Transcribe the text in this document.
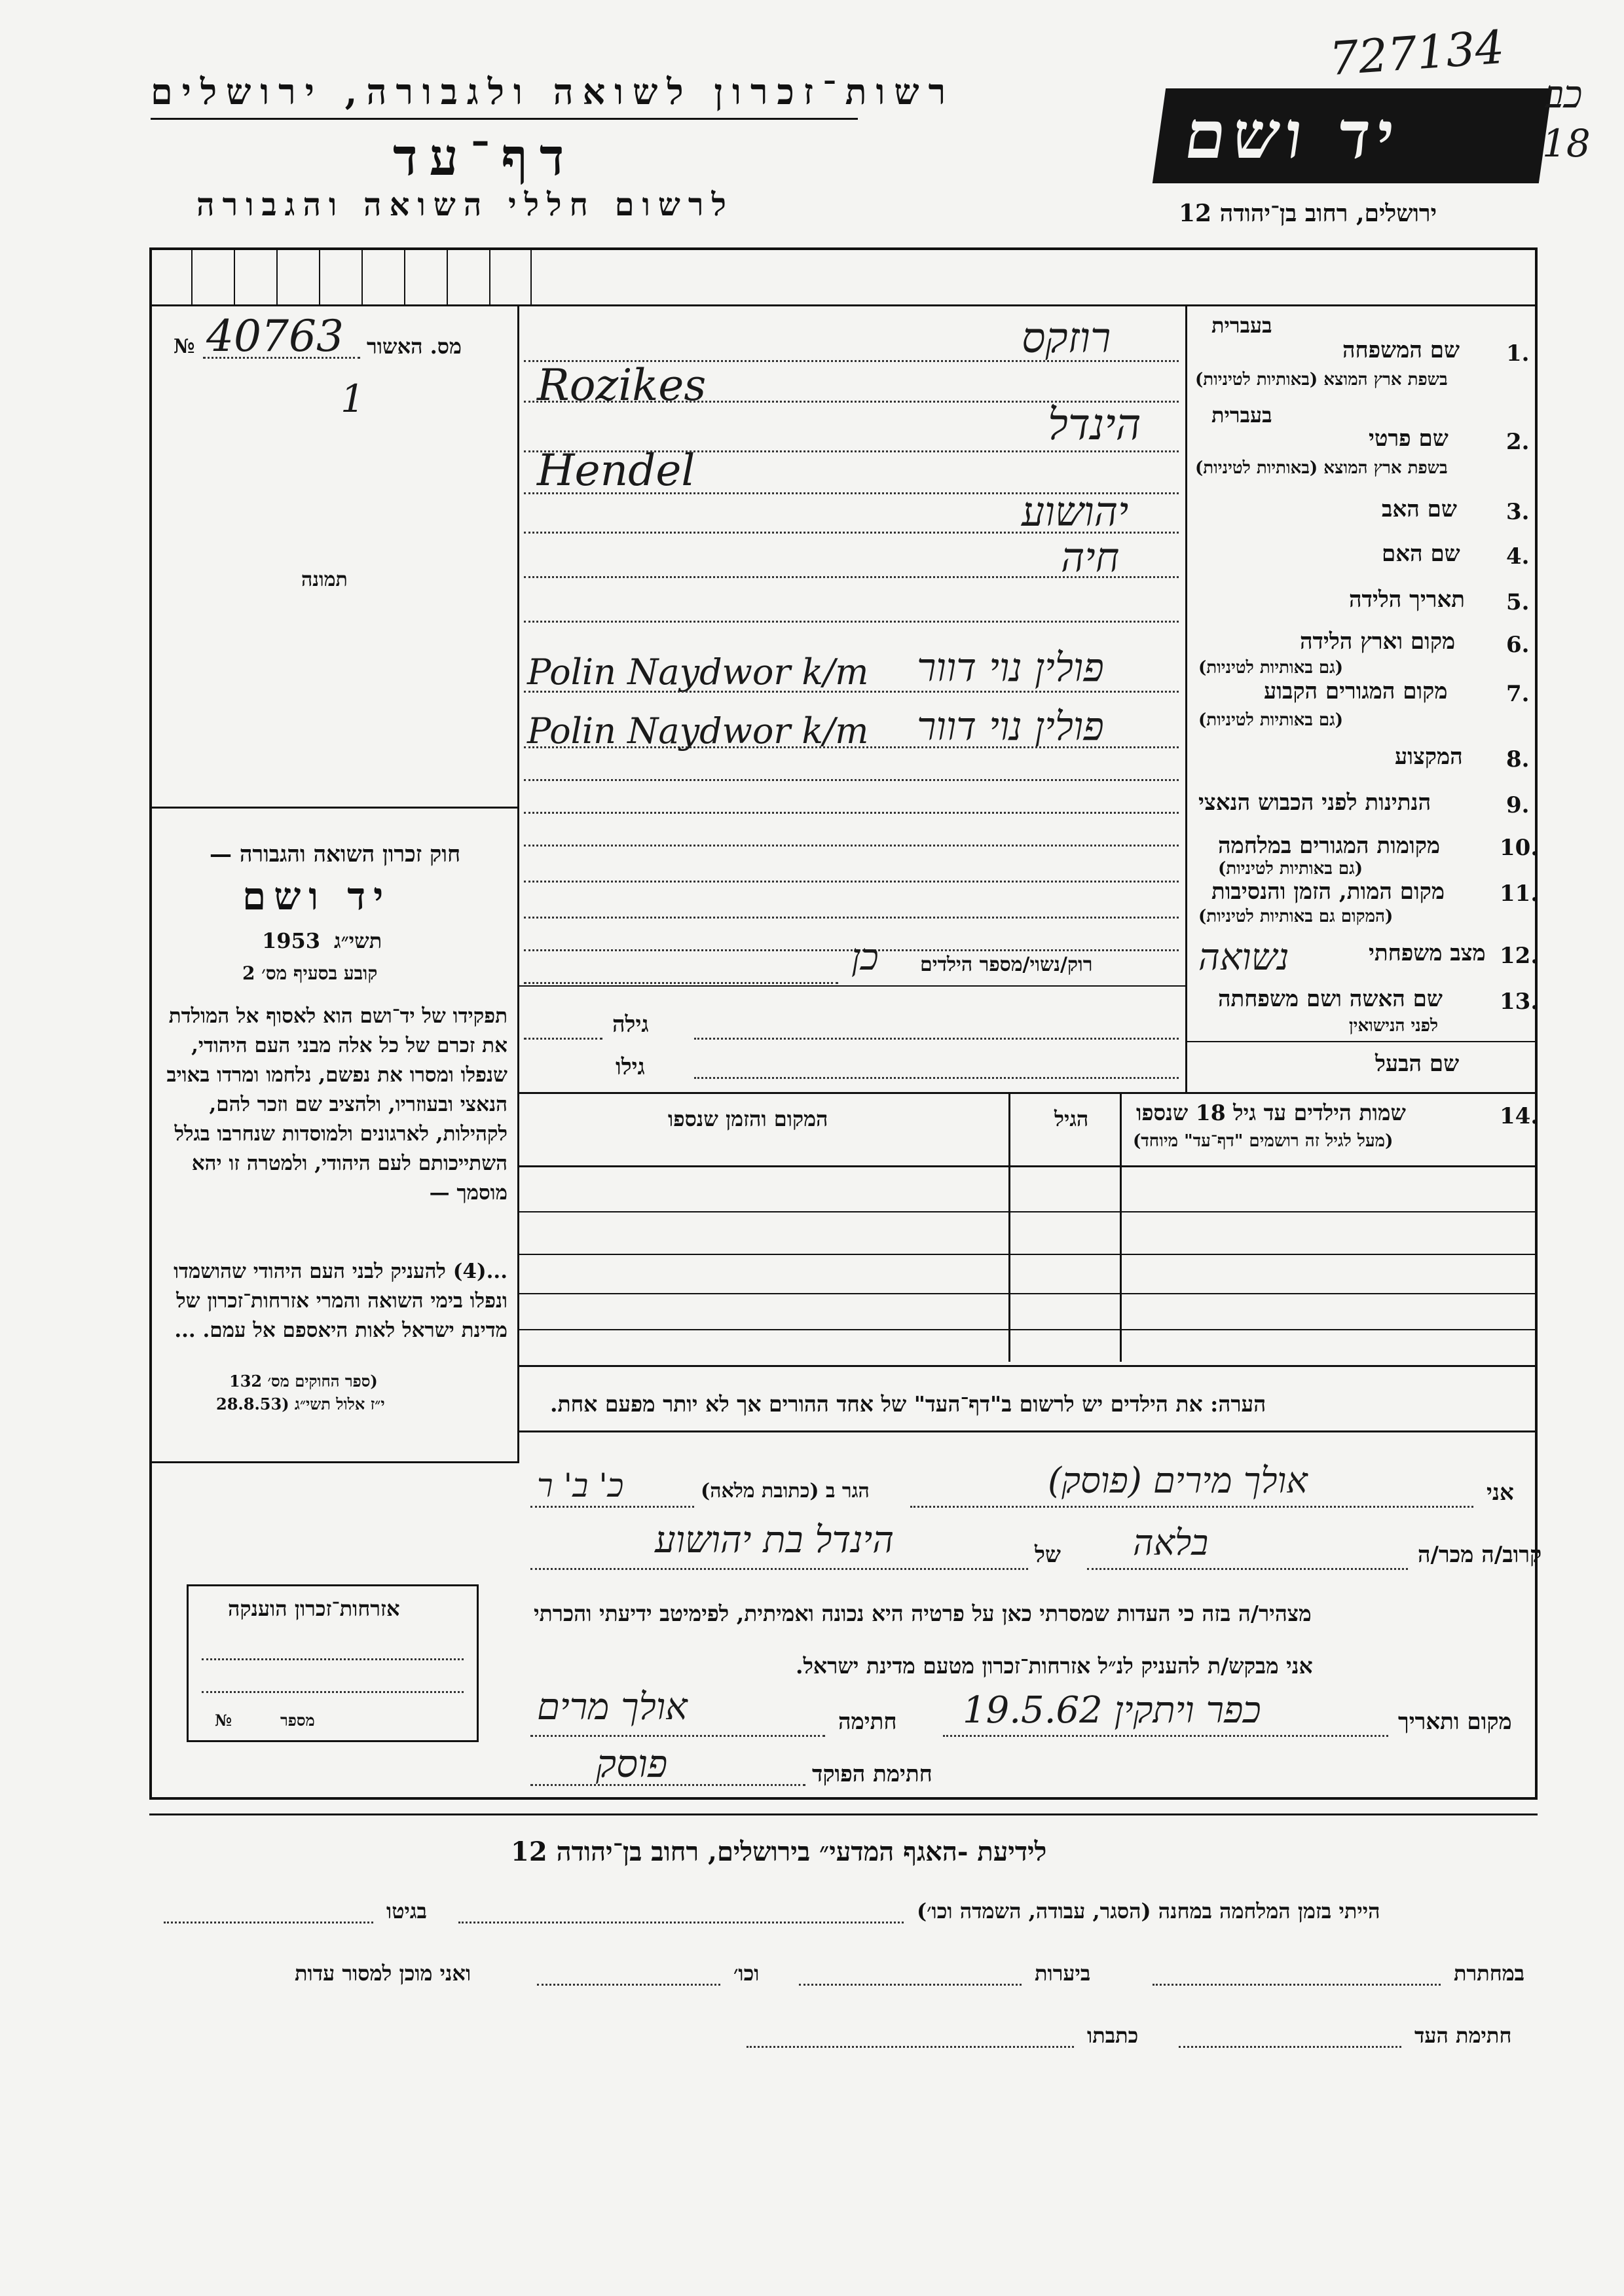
רשות־זכרון לשואה ולגבורה, ירושלים
דף־עד
לרשום חללי השואה והגבורה
יד ושם
ירושלים, רחוב בן־יהודה 12
727134
כב
18
מס. האשור
№ 40763
1
תמונה
חוק זכרון השואה והגבורה —
יד ושם
תשי״ג
1953
קובע בסעיף מס׳ 2
תפקידו של יד־ושם הוא לאסוף אל המולדת את זכרם של כל אלה מבני העם היהודי, שנפלו ומסרו את נפשם, נלחמו ומרדו באויב הנאצי ובעוזריו, ולהציב שם וזכר להם, לקהילות, לארגונים ולמוסדות שנחרבו בגלל השתייכותם לעם היהודי, ולמטרה זו יהא מוסמך —
...(4) להעניק לבני העם היהודי שהושמדו ונפלו בימי השואה והמרי אזרחות־זכרון של מדינת ישראל לאות היאספם אל עמם. ...
(ספר החוקים מס׳ 132
י״ז אלול תשי״ג (28.8.53
אזרחות־זכרון הוענקה
מספר
№
בעברית
1.
שם המשפחה
בשפת ארץ המוצא (באותיות לטיניות)
רוזקס
Rozikes
בעברית
2.
שם פרטי
בשפת ארץ המוצא (באותיות לטיניות)
הינדל
Hendel
3.
שם האב
יהושוע
4.
שם האם
חיה
5.
תאריך הלידה
6.
מקום וארץ הלידה
(גם באותיות לטיניות)
פולין נוי דוור
Polin Naydwor k/m
7.
מקום המגורים הקבוע
(גם באותיות לטיניות)
פולין נוי דוור
Polin Naydwor k/m
8.
המקצוע
9.
הנתינות לפני הכבוש הנאצי
10.
מקומות המגורים במלחמה
(גם באותיות לטיניות)
11.
מקום המות, הזמן והנסיבות
(המקום גם באותיות לטיניות)
12.
מצב משפחתי
נשואה
רוק/נשוי/מספר הילדים
כן
13.
שם האשה ושם משפחתה
לפני הנישואין
גילה
שם הבעל
גילו
14.
שמות הילדים עד גיל 18 שנספו
(מעל לגיל זה רושמים "דף־עד" מיוחד)
הגיל
המקום והזמן שנספו
הערה: את הילדים יש לרשום ב"דף־העד" של אחד ההורים אך לא יותר מפעם אחת.
אני
אולך מירים (פוסק)
הגר ב (כתובת מלאה)
כ' ב' ר
קרוב/ה מכר/ה
בלאה
של
הינדל בת יהושוע
מצהיר/ה בזה כי העדות שמסרתי כאן על פרטיה היא נכונה ואמיתית, לפימיטב ידיעתי והכרתי
אני מבקש/ת להעניק לנ״ל אזרחות־זכרון מטעם מדינת ישראל.
מקום ותאריך
כפר ויתקין 19.5.62
חתימה
אולך מרים
חתימת הפוקד
פוסק
לידיעת -האגף המדעי״ בירושלים, רחוב בן־יהודה 12
הייתי בזמן המלחמה במחנה (הסגר, עבודה, השמדה וכו׳)
בגיטו
במחתרת
ביערות
וכו׳
ואני מוכן למסור עדות
חתימת העד
כתבתו
